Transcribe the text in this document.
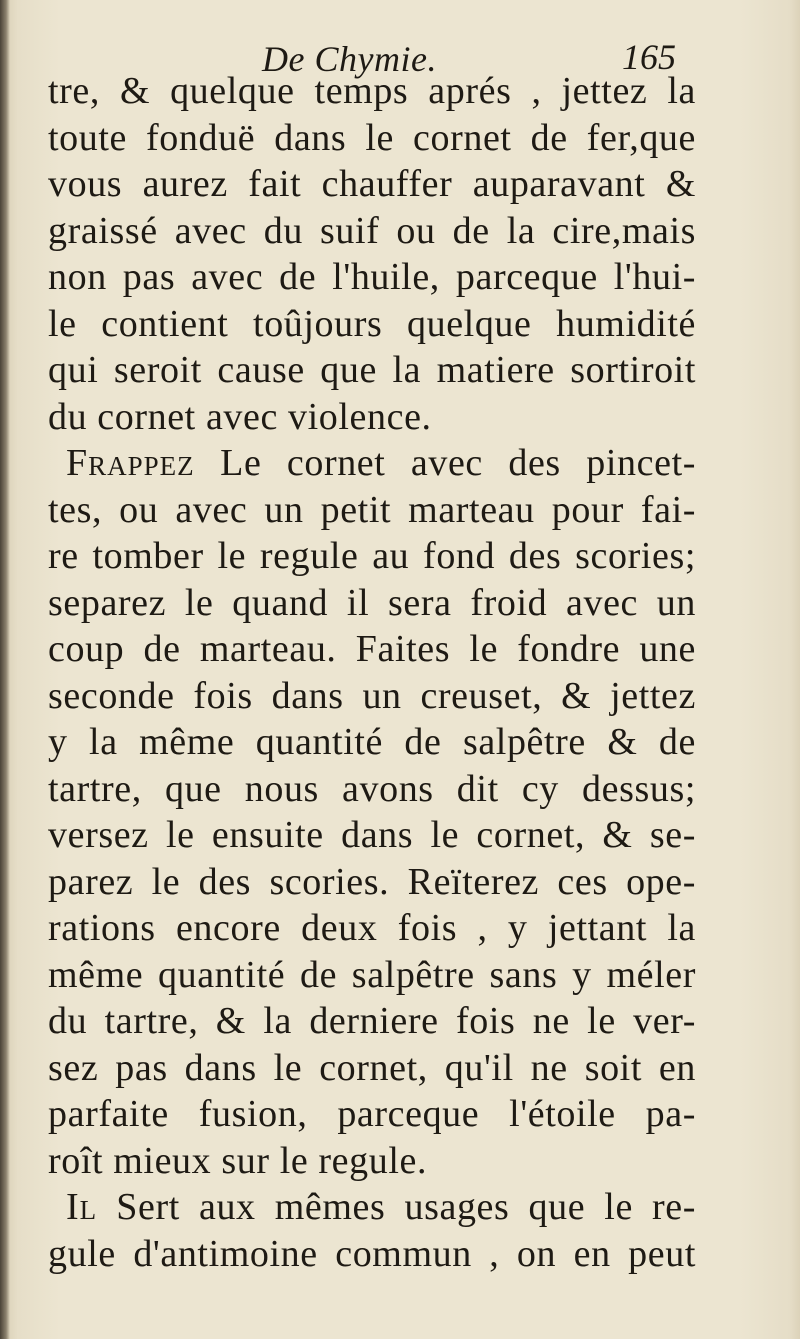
De Chymie.	165
tre, & quelque temps aprés , jettez la
toute fonduë dans le cornet de fer,que
vous aurez fait chauffer auparavant &
graissé avec du suif ou de la cire,mais
non pas avec de l'huile, parceque l'hui-
le contient toûjours quelque humidité
qui seroit cause que la matiere sortiroit
du cornet avec violence.
Frappez Le cornet avec des pincet-
tes, ou avec un petit marteau pour fai-
re tomber le regule au fond des scories;
separez le quand il sera froid avec un
coup de marteau. Faites le fondre une
seconde fois dans un creuset, & jettez
y la même quantité de salpêtre & de
tartre, que nous avons dit cy dessus;
versez le ensuite dans le cornet, & se-
parez le des scories. Reïterez ces ope-
rations encore deux fois , y jettant la
même quantité de salpêtre sans y méler
du tartre, & la derniere fois ne le ver-
sez pas dans le cornet, qu'il ne soit en
parfaite fusion, parceque l'étoile pa-
roît mieux sur le regule.
Il Sert aux mêmes usages que le re-
gule d'antimoine commun , on en peut
